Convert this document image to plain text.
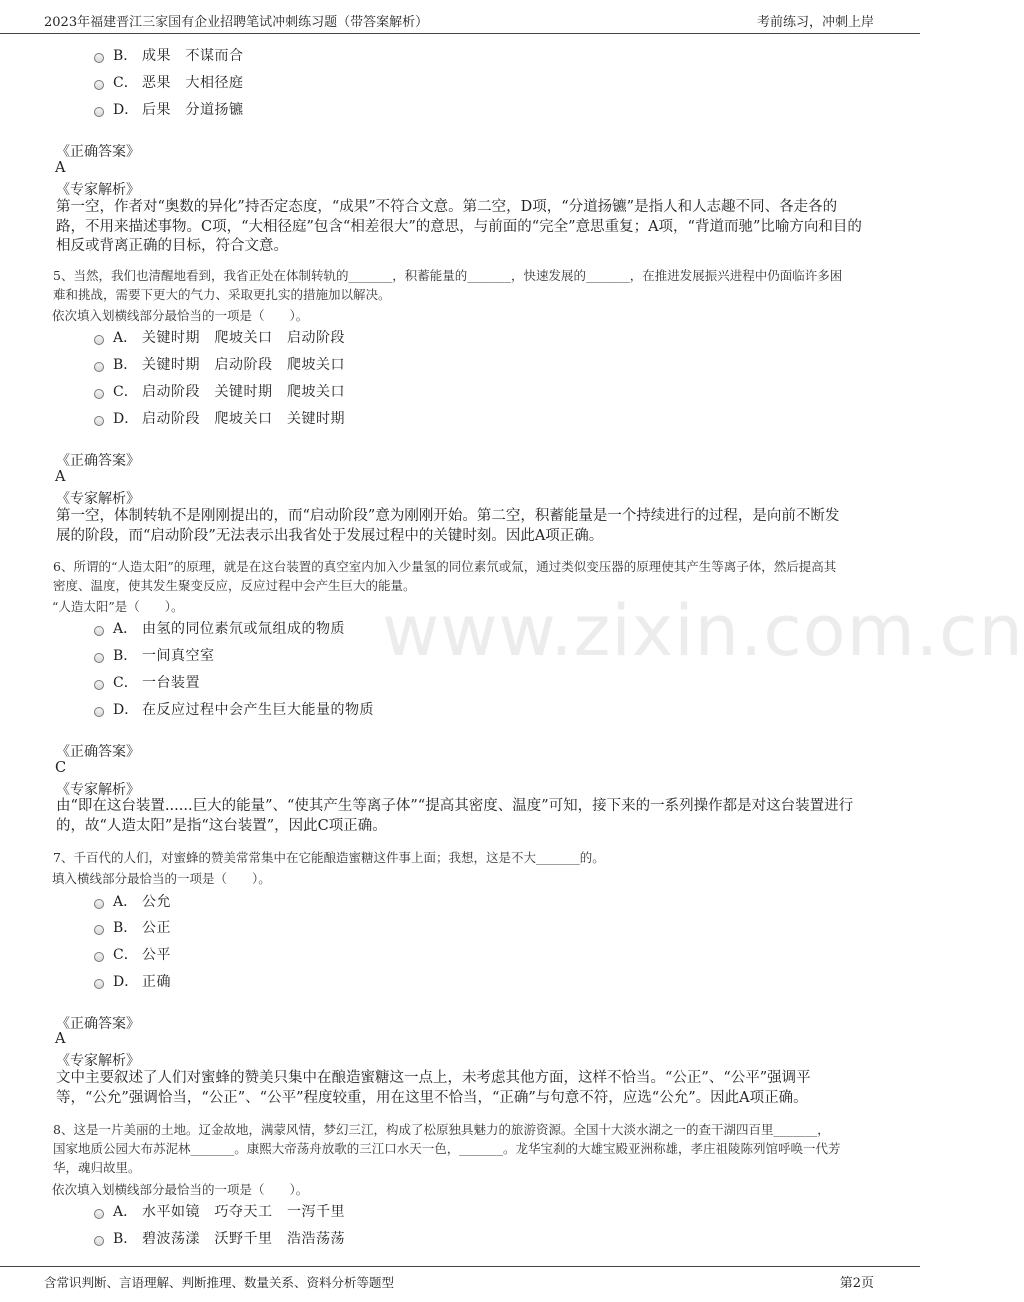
2023年福建晋江三家国有企业招聘笔试冲刺练习题（带答案解析）	考前练习，冲刺上岸
www.zixin.com.cn
B． 成果　不谋而合
C． 恶果　大相径庭
D． 后果　分道扬镳
《正确答案》
A
《专家解析》
第一空，作者对“奥数的异化”持否定态度，“成果”不符合文意。第二空，D项，“分道扬镳”是指人和人志趣不同、各走各的
路，不用来描述事物。C项，“大相径庭”包含“相差很大”的意思，与前面的“完全”意思重复；A项，“背道而驰”比喻方向和目的
相反或背离正确的目标，符合文意。
5、当然，我们也清醒地看到，我省正处在体制转轨的_______，积蓄能量的_______，快速发展的_______，在推进发展振兴进程中仍面临许多困
难和挑战，需要下更大的气力、采取更扎实的措施加以解决。
依次填入划横线部分最恰当的一项是（　　）。
A． 关键时期　爬坡关口　启动阶段
B． 关键时期　启动阶段　爬坡关口
C． 启动阶段　关键时期　爬坡关口
D． 启动阶段　爬坡关口　关键时期
《正确答案》
A
《专家解析》
第一空，体制转轨不是刚刚提出的，而“启动阶段”意为刚刚开始。第二空，积蓄能量是一个持续进行的过程，是向前不断发
展的阶段，而“启动阶段”无法表示出我省处于发展过程中的关键时刻。因此A项正确。
6、所谓的“人造太阳”的原理，就是在这台装置的真空室内加入少量氢的同位素氘或氚，通过类似变压器的原理使其产生等离子体，然后提高其
密度、温度，使其发生聚变反应，反应过程中会产生巨大的能量。
“人造太阳”是（　　）。
A． 由氢的同位素氘或氚组成的物质
B． 一间真空室
C． 一台装置
D． 在反应过程中会产生巨大能量的物质
《正确答案》
C
《专家解析》
由“即在这台装置......巨大的能量”、“使其产生等离子体”“提高其密度、温度”可知，接下来的一系列操作都是对这台装置进行
的，故“人造太阳”是指“这台装置”，因此C项正确。
7、千百代的人们，对蜜蜂的赞美常常集中在它能酿造蜜糖这件事上面；我想，这是不大_______的。
填入横线部分最恰当的一项是（　　）。
A． 公允
B． 公正
C． 公平
D． 正确
《正确答案》
A
《专家解析》
文中主要叙述了人们对蜜蜂的赞美只集中在酿造蜜糖这一点上，未考虑其他方面，这样不恰当。“公正”、“公平”强调平
等，“公允”强调恰当，“公正”、“公平”程度较重，用在这里不恰当，“正确”与句意不符，应选“公允”。因此A项正确。
8、这是一片美丽的土地。辽金故地，满蒙风情，梦幻三江，构成了松原独具魅力的旅游资源。全国十大淡水湖之一的查干湖四百里_______，
国家地质公园大布苏泥林_______。康熙大帝荡舟放歌的三江口水天一色，_______。龙华宝刹的大雄宝殿亚洲称雄，孝庄祖陵陈列馆呼唤一代芳
华，魂归故里。
依次填入划横线部分最恰当的一项是（　　）。
A． 水平如镜　巧夺天工　一泻千里
B． 碧波荡漾　沃野千里　浩浩荡荡
含常识判断、言语理解、判断推理、数量关系、资料分析等题型	第2页
